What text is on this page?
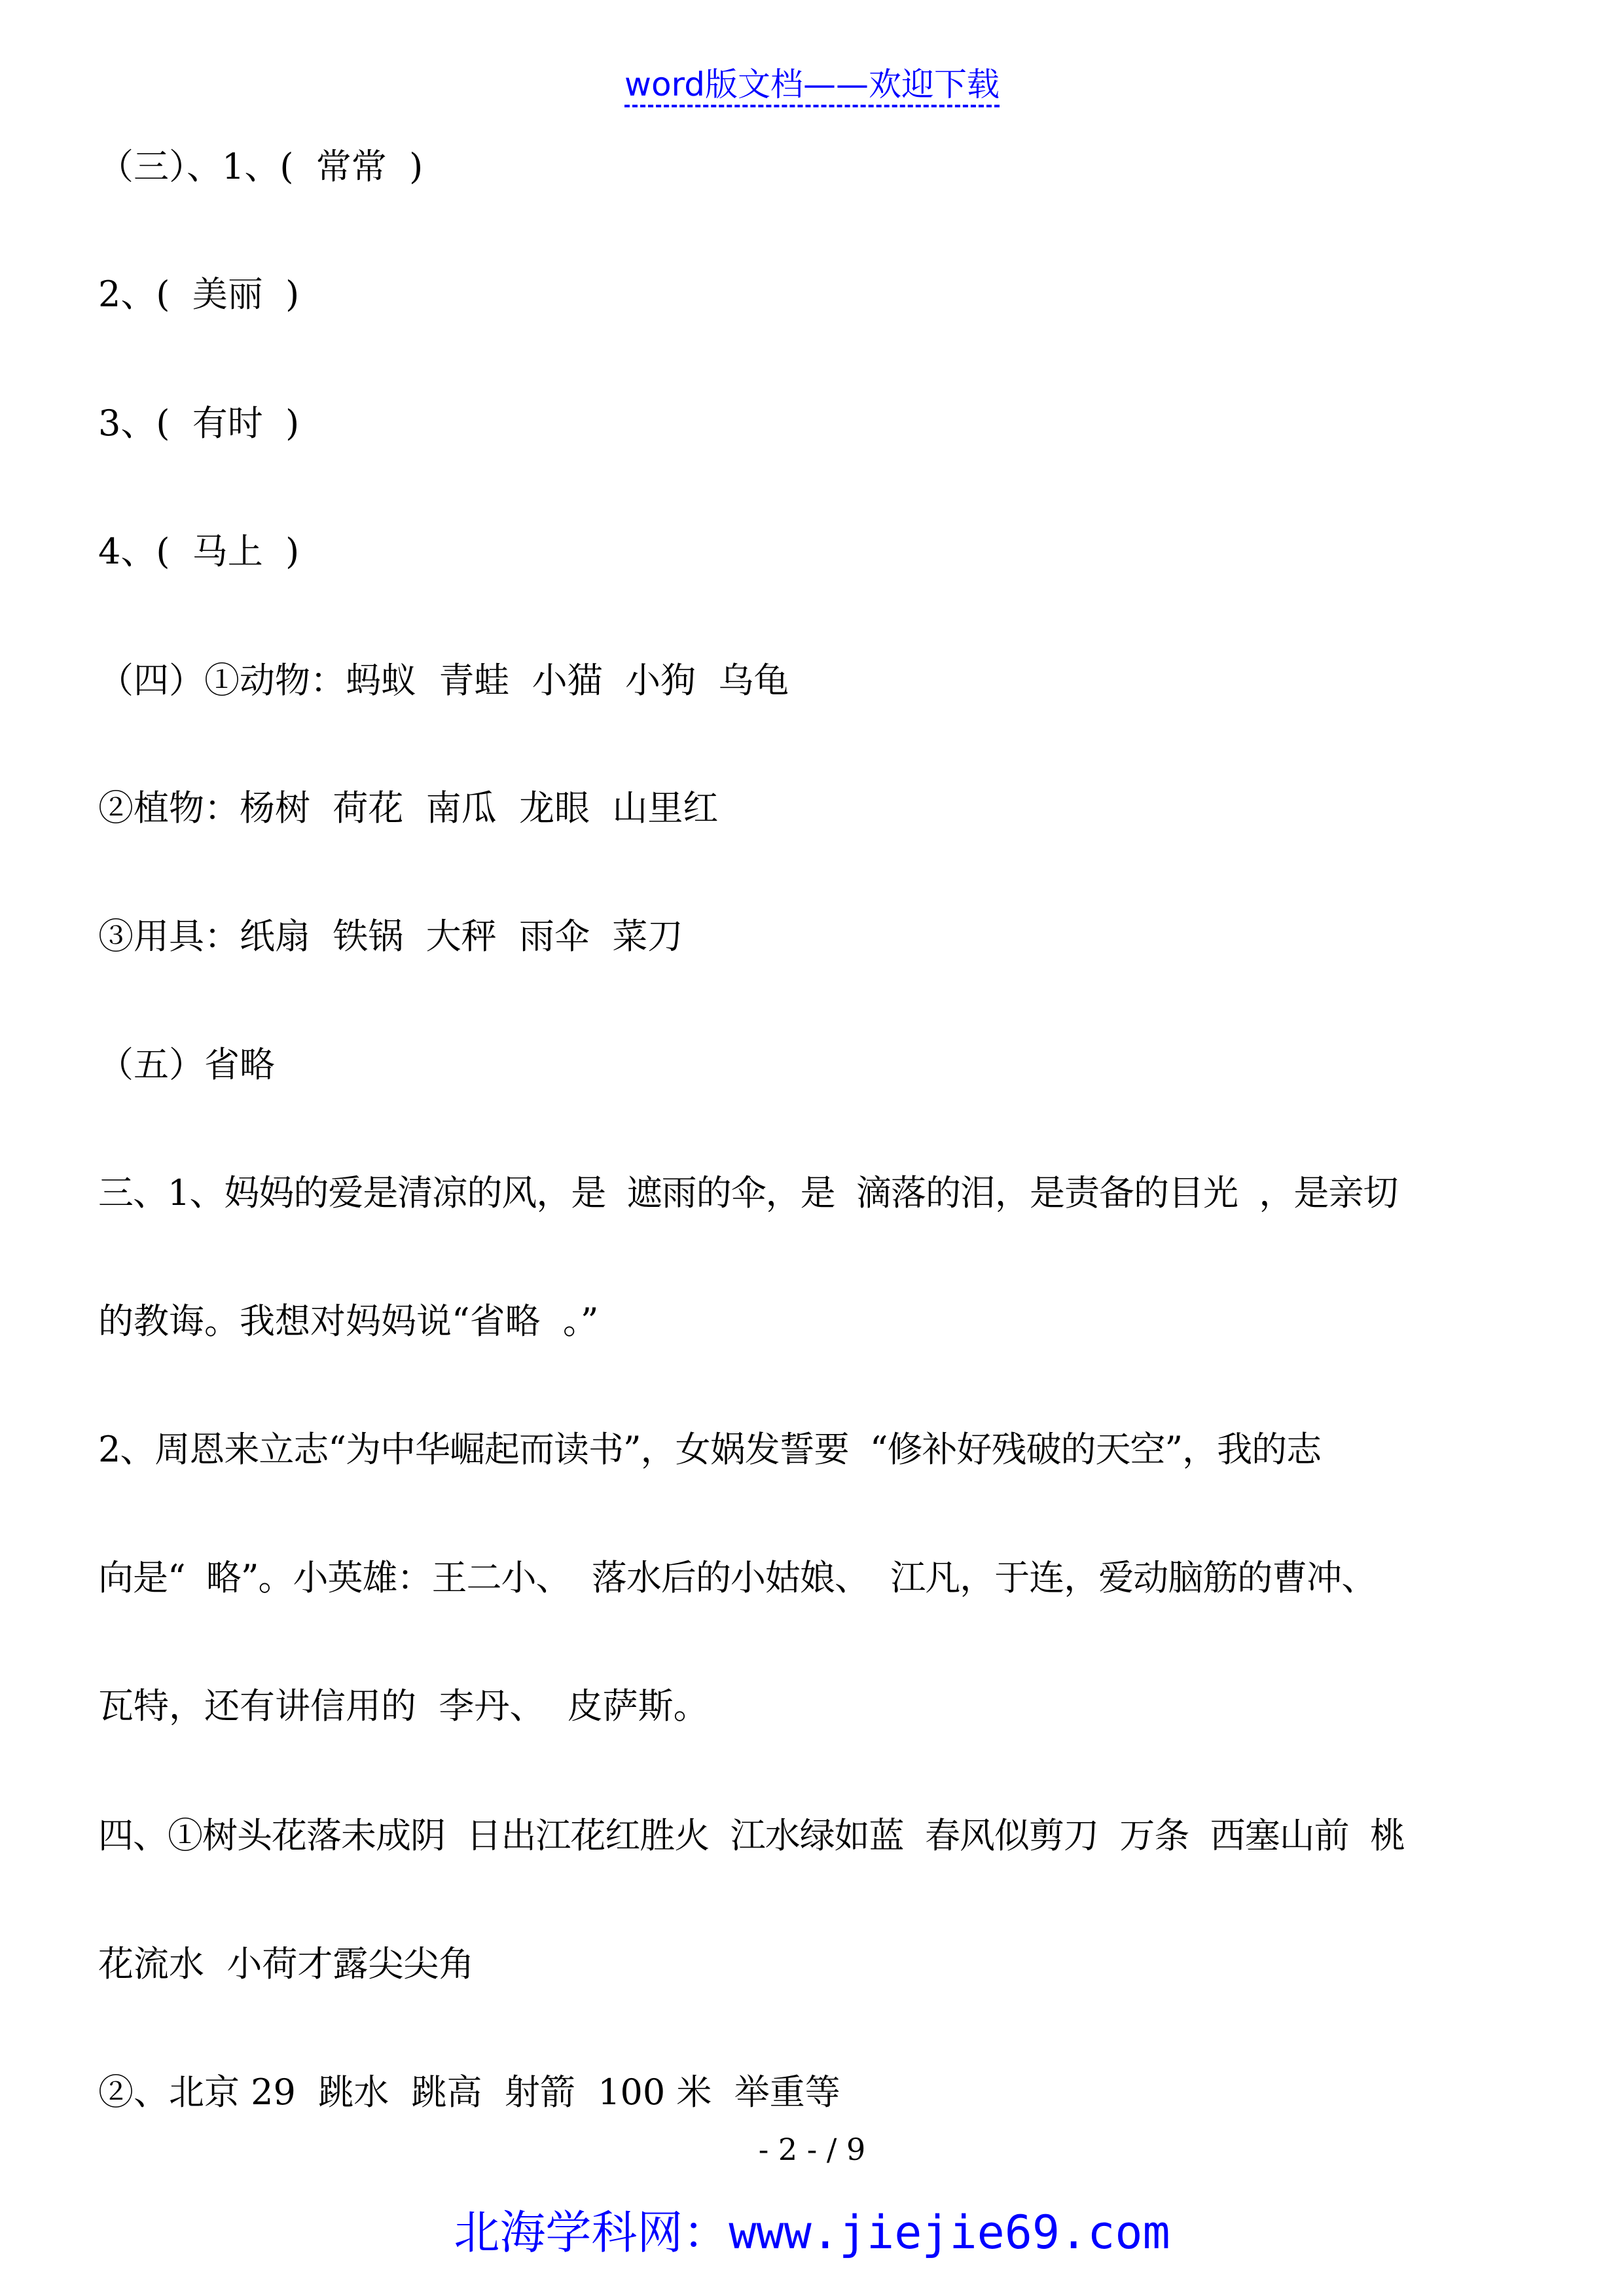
word版文档——欢迎下载
（三）、1、(  常常  )
2、(  美丽  )
3、(  有时  )
4、(  马上  )
（四）①动物：蚂蚁  青蛙  小猫  小狗  乌龟
②植物：杨树  荷花  南瓜  龙眼  山里红
③用具：纸扇  铁锅  大秤  雨伞  菜刀
（五）省略
三、1、妈妈的爱是清凉的风，是  遮雨的伞，是  滴落的泪，是责备的目光  ，是亲切
的教诲。我想对妈妈说“省略  。”
2、周恩来立志“为中华崛起而读书”，女娲发誓要  “修补好残破的天空”，我的志
向是“  略”。小英雄：王二小、  落水后的小姑娘、  江凡，于连，爱动脑筋的曹冲、
瓦特，还有讲信用的  李丹、  皮萨斯。
四、①树头花落未成阴  日出江花红胜火  江水绿如蓝  春风似剪刀  万条  西塞山前  桃
花流水  小荷才露尖尖角
②、北京 29  跳水  跳高  射箭  100 米  举重等
- 2 - / 9
北海学科网：www.jiejie69.com
